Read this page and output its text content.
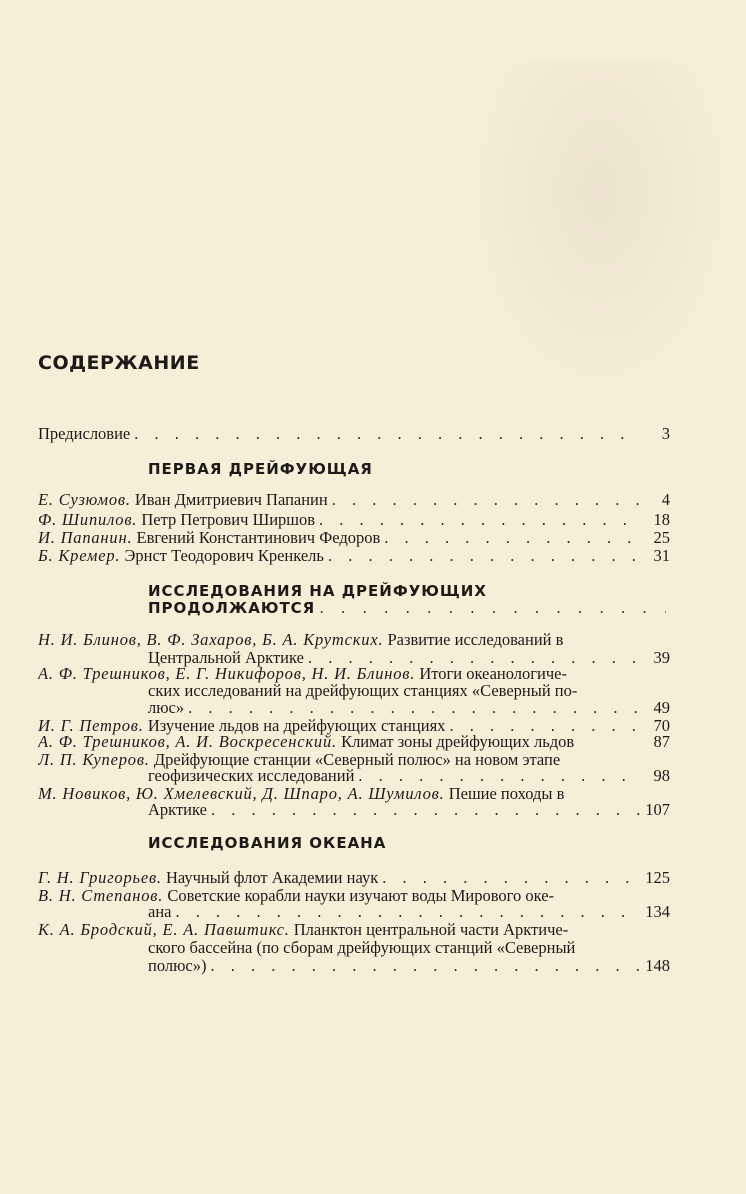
СОДЕРЖАНИЕ
Предисловие . . .	3
ПЕРВАЯ ДРЕЙФУЮЩАЯ
Е. Сузюмов. Иван Дмитриевич Папанин . . .	4
Ф. Шипилов. Петр Петрович Ширшов . . .	18
И. Папанин. Евгений Константинович Федоров . . .	25
Б. Кремер. Эрнст Теодорович Кренкель . . .	31
ИССЛЕДОВАНИЯ НА ДРЕЙФУЮЩИХ
ПРОДОЛЖАЮТСЯ
. . .
Н. И. Блинов, В. Ф. Захаров, Б. А. Крутских. Развитие исследований в
Центральной Арктике . . .	39
А. Ф. Трешников, Е. Г. Никифоров, Н. И. Блинов. Итоги океанологиче-
ских исследований на дрейфующих станциях «Северный по-
люс» . . .	49
И. Г. Петров. Изучение льдов на дрейфующих станциях . . .	70
А. Ф. Трешников, А. И. Воскресенский. Климат зоны дрейфующих льдов	87
Л. П. Куперов. Дрейфующие станции «Северный полюс» на новом этапе
геофизических исследований . . .	98
М. Новиков, Ю. Хмелевский, Д. Шпаро, А. Шумилов. Пешие походы в
Арктике . . .	107
ИССЛЕДОВАНИЯ ОКЕАНА
Г. Н. Григорьев. Научный флот Академии наук . . .	125
В. Н. Степанов. Советские корабли науки изучают воды Мирового оке-
ана . . .	134
К. А. Бродский, Е. А. Павштикс. Планктон центральной части Арктиче-
ского бассейна (по сборам дрейфующих станций «Северный
полюс») . . .	148
